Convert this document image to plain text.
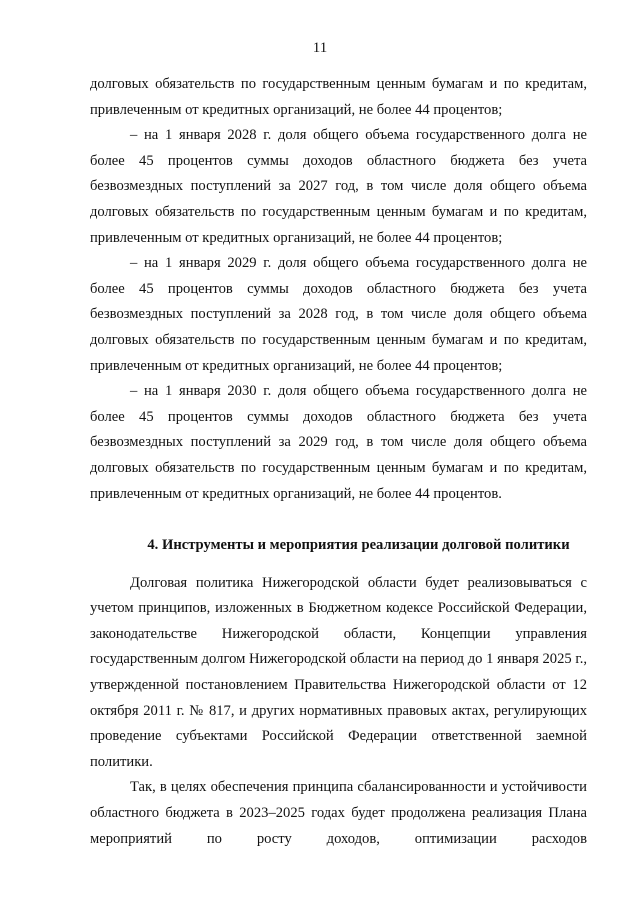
11

долговых обязательств по государственным ценным бумагам и по кредитам, привлеченным от кредитных организаций, не более 44 процентов;

– на 1 января 2028 г. доля общего объема государственного долга не более 45 процентов суммы доходов областного бюджета без учета безвозмездных поступлений за 2027 год, в том числе доля общего объема долговых обязательств по государственным ценным бумагам и по кредитам, привлеченным от кредитных организаций, не более 44 процентов;

– на 1 января 2029 г. доля общего объема государственного долга не более 45 процентов суммы доходов областного бюджета без учета безвозмездных поступлений за 2028 год, в том числе доля общего объема долговых обязательств по государственным ценным бумагам и по кредитам, привлеченным от кредитных организаций, не более 44 процентов;

– на 1 января 2030 г. доля общего объема государственного долга не более 45 процентов суммы доходов областного бюджета без учета безвозмездных поступлений за 2029 год, в том числе доля общего объема долговых обязательств по государственным ценным бумагам и по кредитам, привлеченным от кредитных организаций, не более 44 процентов.

4. Инструменты и мероприятия реализации долговой политики

Долговая политика Нижегородской области будет реализовываться с учетом принципов, изложенных в Бюджетном кодексе Российской Федерации, законодательстве Нижегородской области, Концепции управления государственным долгом Нижегородской области на период до 1 января 2025 г., утвержденной постановлением Правительства Нижегородской области от 12 октября 2011 г. № 817, и других нормативных правовых актах, регулирующих проведение субъектами Российской Федерации ответственной заемной политики.

Так, в целях обеспечения принципа сбалансированности и устойчивости областного бюджета в 2023–2025 годах будет продолжена реализация Плана мероприятий по росту доходов, оптимизации расходов
